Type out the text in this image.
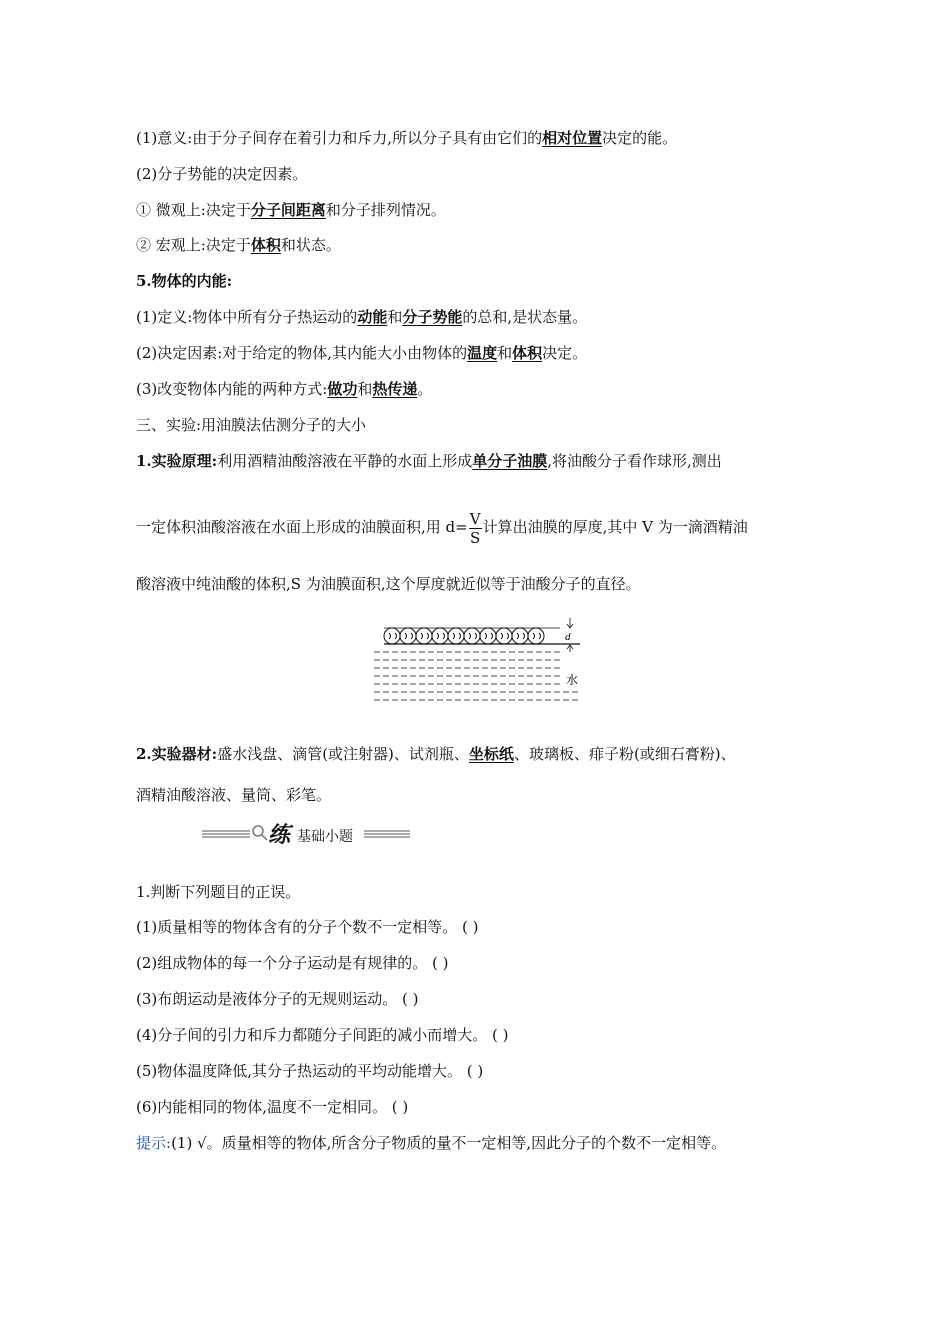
(1)意义:由于分子间存在着引力和斥力,所以分子具有由它们的相对位置决定的能。
(2)分子势能的决定因素。
① 微观上:决定于分子间距离和分子排列情况。
② 宏观上:决定于体积和状态。
5.物体的内能:
(1)定义:物体中所有分子热运动的动能和分子势能的总和,是状态量。
(2)决定因素:对于给定的物体,其内能大小由物体的温度和体积决定。
(3)改变物体内能的两种方式:做功和热传递。
三、实验:用油膜法估测分子的大小
1.实验原理:利用酒精油酸溶液在平静的水面上形成单分子油膜,将油酸分子看作球形,测出
一定体积油酸溶液在水面上形成的油膜面积,用 $d= \frac{V}{S}$ 计算出油膜的厚度,其中 V 为一滴酒精油
酸溶液中纯油酸的体积,S 为油膜面积,这个厚度就近似等于油酸分子的直径。
d
水
2.实验器材:盛水浅盘、滴管(或注射器)、试剂瓶、坐标纸、玻璃板、痱子粉(或细石膏粉)、
酒精油酸溶液、量筒、彩笔。
练 基础小题
1.判断下列题目的正误。
(1)质量相等的物体含有的分子个数不一定相等。 ( )
(2)组成物体的每一个分子运动是有规律的。 ( )
(3)布朗运动是液体分子的无规则运动。 ( )
(4)分子间的引力和斥力都随分子间距的减小而增大。 ( )
(5)物体温度降低,其分子热运动的平均动能增大。 ( )
(6)内能相同的物体,温度不一定相同。 ( )
提示:(1) √。质量相等的物体,所含分子物质的量不一定相等,因此分子的个数不一定相等。
